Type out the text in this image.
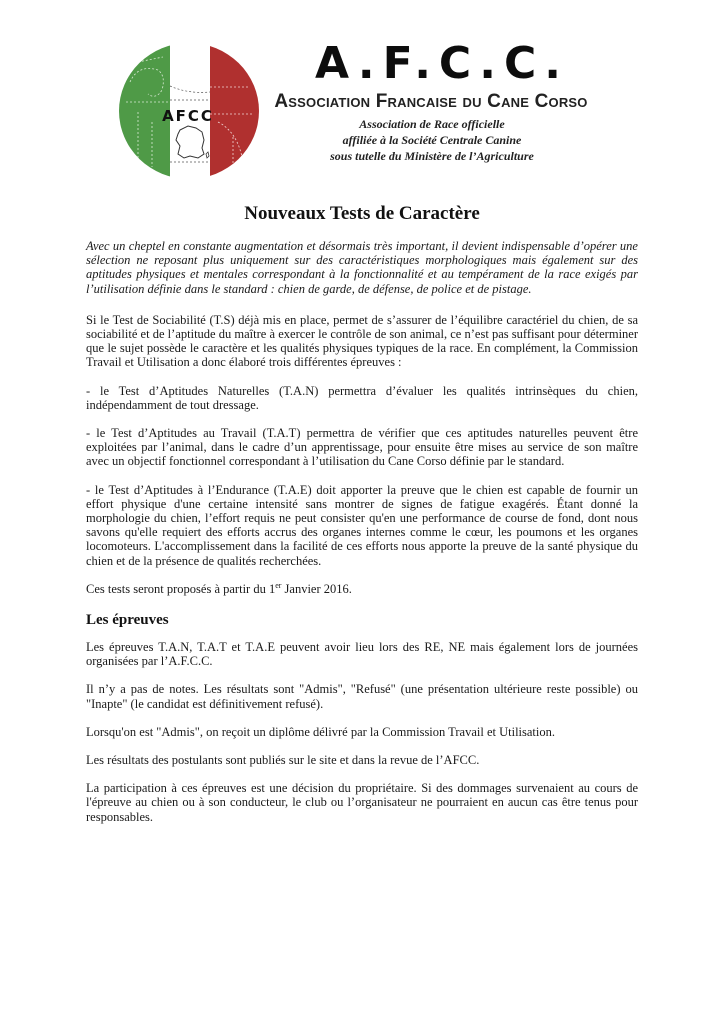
AFCC
A.F.C.C.
Association Francaise du Cane Corso
Association de Race officielle
affiliée à la Société Centrale Canine
sous tutelle du Ministère de l’Agriculture
Nouveaux Tests de Caractère

Avec un cheptel en constante augmentation et désormais très important, il devient indispensable d’opérer une sélection ne reposant plus uniquement sur des caractéristiques morphologiques mais également sur des aptitudes physiques et mentales correspondant à la fonctionnalité et au tempérament de la race exigés par l’utilisation définie dans le standard : chien de garde, de défense, de police et de pistage.

Si le Test de Sociabilité (T.S) déjà mis en place, permet de s’assurer de l’équilibre caractériel du chien, de sa sociabilité et de l’aptitude du maître à exercer le contrôle de son animal, ce n’est pas suffisant pour déterminer que le sujet possède le caractère et les qualités physiques typiques de la race. En complément, la Commission Travail et Utilisation a donc élaboré trois différentes épreuves :

- le Test d’Aptitudes Naturelles (T.A.N) permettra d’évaluer les qualités intrinsèques du chien, indépendamment de tout dressage.

- le Test d’Aptitudes au Travail (T.A.T) permettra de vérifier que ces aptitudes naturelles peuvent être exploitées par l’animal, dans le cadre d’un apprentissage, pour ensuite être mises au service de son maître avec un objectif fonctionnel correspondant à l’utilisation du Cane Corso définie par le standard.

- le Test d’Aptitudes à l’Endurance (T.A.E) doit apporter la preuve que le chien est capable de fournir un effort physique d'une certaine intensité sans montrer de signes de fatigue exagérés. Étant donné la morphologie du chien, l’effort requis ne peut consister qu'en une performance de course de fond, dont nous savons qu'elle requiert des efforts accrus des organes internes comme le cœur, les poumons et les organes locomoteurs. L'accomplissement dans la facilité de ces efforts nous apporte la preuve de la santé physique du chien et de la présence de qualités recherchées.

Ces tests seront proposés à partir du 1er Janvier 2016.

Les épreuves

Les épreuves T.A.N, T.A.T et T.A.E peuvent avoir lieu lors des RE, NE mais également lors de journées organisées par l’A.F.C.C.

Il n’y a pas de notes. Les résultats sont "Admis", "Refusé" (une présentation ultérieure reste possible) ou "Inapte" (le candidat est définitivement refusé).

Lorsqu'on est "Admis", on reçoit un diplôme délivré par la Commission Travail et Utilisation.

Les résultats des postulants sont publiés sur le site et dans la revue de l’AFCC.

La participation à ces épreuves est une décision du propriétaire. Si des dommages survenaient au cours de l'épreuve au chien ou à son conducteur, le club ou l’organisateur ne pourraient en aucun cas être tenus pour responsables.
